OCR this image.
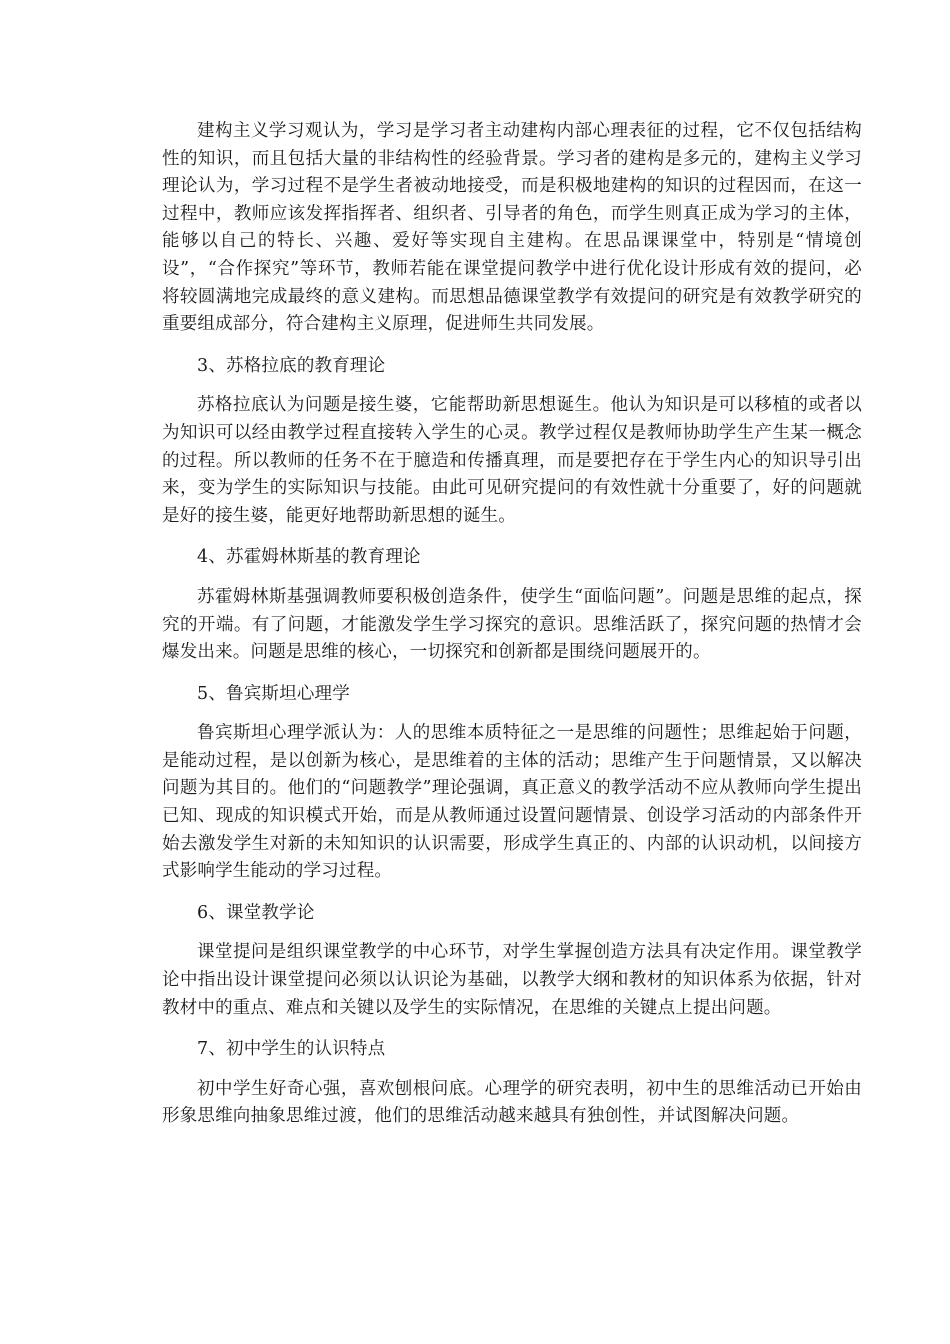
建构主义学习观认为，学习是学习者主动建构内部心理表征的过程，它不仅包括结构性的知识，而且包括大量的非结构性的经验背景。学习者的建构是多元的，建构主义学习理论认为，学习过程不是学生者被动地接受，而是积极地建构的知识的过程因而，在这一过程中，教师应该发挥指挥者、组织者、引导者的角色，而学生则真正成为学习的主体，能够以自己的特长、兴趣、爱好等实现自主建构。在思品课课堂中，特别是“情境创设”，“合作探究”等环节，教师若能在课堂提问教学中进行优化设计形成有效的提问，必将较圆满地完成最终的意义建构。而思想品德课堂教学有效提问的研究是有效教学研究的重要组成部分，符合建构主义原理，促进师生共同发展。

3、苏格拉底的教育理论

苏格拉底认为问题是接生婆，它能帮助新思想诞生。他认为知识是可以移植的或者以为知识可以经由教学过程直接转入学生的心灵。教学过程仅是教师协助学生产生某一概念的过程。所以教师的任务不在于臆造和传播真理，而是要把存在于学生内心的知识导引出来，变为学生的实际知识与技能。由此可见研究提问的有效性就十分重要了，好的问题就是好的接生婆，能更好地帮助新思想的诞生。

4、苏霍姆林斯基的教育理论

苏霍姆林斯基强调教师要积极创造条件，使学生“面临问题”。问题是思维的起点，探究的开端。有了问题，才能激发学生学习探究的意识。思维活跃了，探究问题的热情才会爆发出来。问题是思维的核心，一切探究和创新都是围绕问题展开的。

5、鲁宾斯坦心理学

鲁宾斯坦心理学派认为：人的思维本质特征之一是思维的问题性；思维起始于问题，是能动过程，是以创新为核心，是思维着的主体的活动；思维产生于问题情景，又以解决问题为其目的。他们的“问题教学”理论强调，真正意义的教学活动不应从教师向学生提出已知、现成的知识模式开始，而是从教师通过设置问题情景、创设学习活动的内部条件开始去激发学生对新的未知知识的认识需要，形成学生真正的、内部的认识动机，以间接方式影响学生能动的学习过程。

6、课堂教学论

课堂提问是组织课堂教学的中心环节，对学生掌握创造方法具有决定作用。课堂教学论中指出设计课堂提问必须以认识论为基础，以教学大纲和教材的知识体系为依据，针对教材中的重点、难点和关键以及学生的实际情况，在思维的关键点上提出问题。

7、初中学生的认识特点

初中学生好奇心强，喜欢刨根问底。心理学的研究表明，初中生的思维活动已开始由形象思维向抽象思维过渡，他们的思维活动越来越具有独创性，并试图解决问题。
